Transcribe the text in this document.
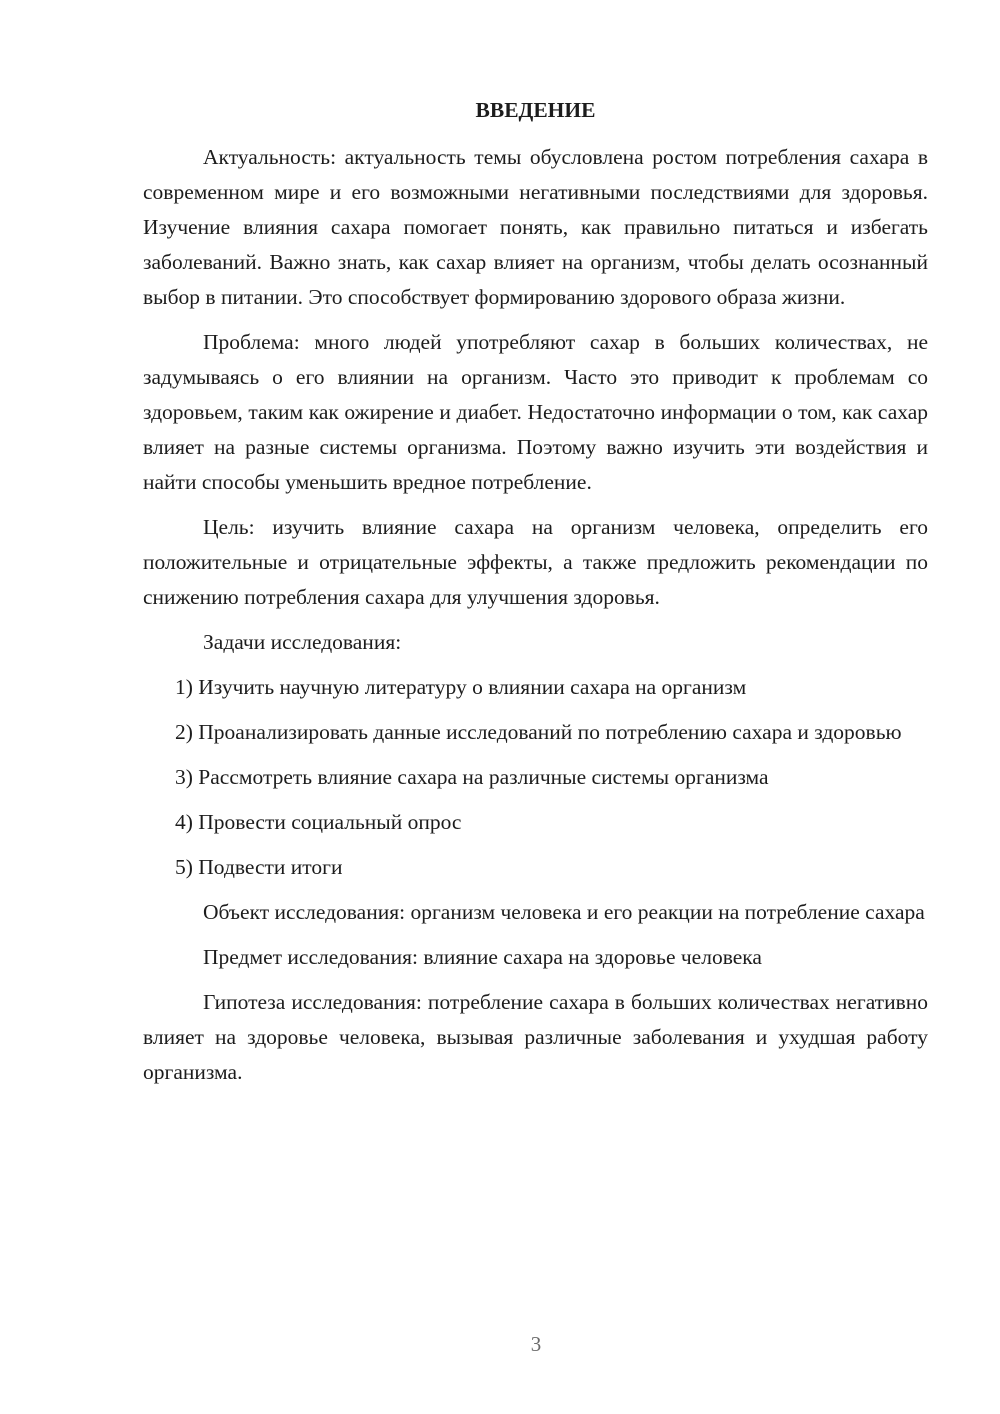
ВВЕДЕНИЕ

Актуальность: актуальность темы обусловлена ростом потребления сахара в современном мире и его возможными негативными последствиями для здоровья. Изучение влияния сахара помогает понять, как правильно питаться и избегать заболеваний. Важно знать, как сахар влияет на организм, чтобы делать осознанный выбор в питании. Это способствует формированию здорового образа жизни.

Проблема: много людей употребляют сахар в больших количествах, не задумываясь о его влиянии на организм. Часто это приводит к проблемам со здоровьем, таким как ожирение и диабет. Недостаточно информации о том, как сахар влияет на разные системы организма. Поэтому важно изучить эти воздействия и найти способы уменьшить вредное потребление.

Цель: изучить влияние сахара на организм человека, определить его положительные и отрицательные эффекты, а также предложить рекомендации по снижению потребления сахара для улучшения здоровья.

Задачи исследования:

1) Изучить научную литературу о влиянии сахара на организм

2) Проанализировать данные исследований по потреблению сахара и здоровью

3) Рассмотреть влияние сахара на различные системы организма

4) Провести социальный опрос

5) Подвести итоги

Объект исследования: организм человека и его реакции на потребление сахара

Предмет исследования: влияние сахара на здоровье человека

Гипотеза исследования: потребление сахара в больших количествах негативно влияет на здоровье человека, вызывая различные заболевания и ухудшая работу организма.

3
